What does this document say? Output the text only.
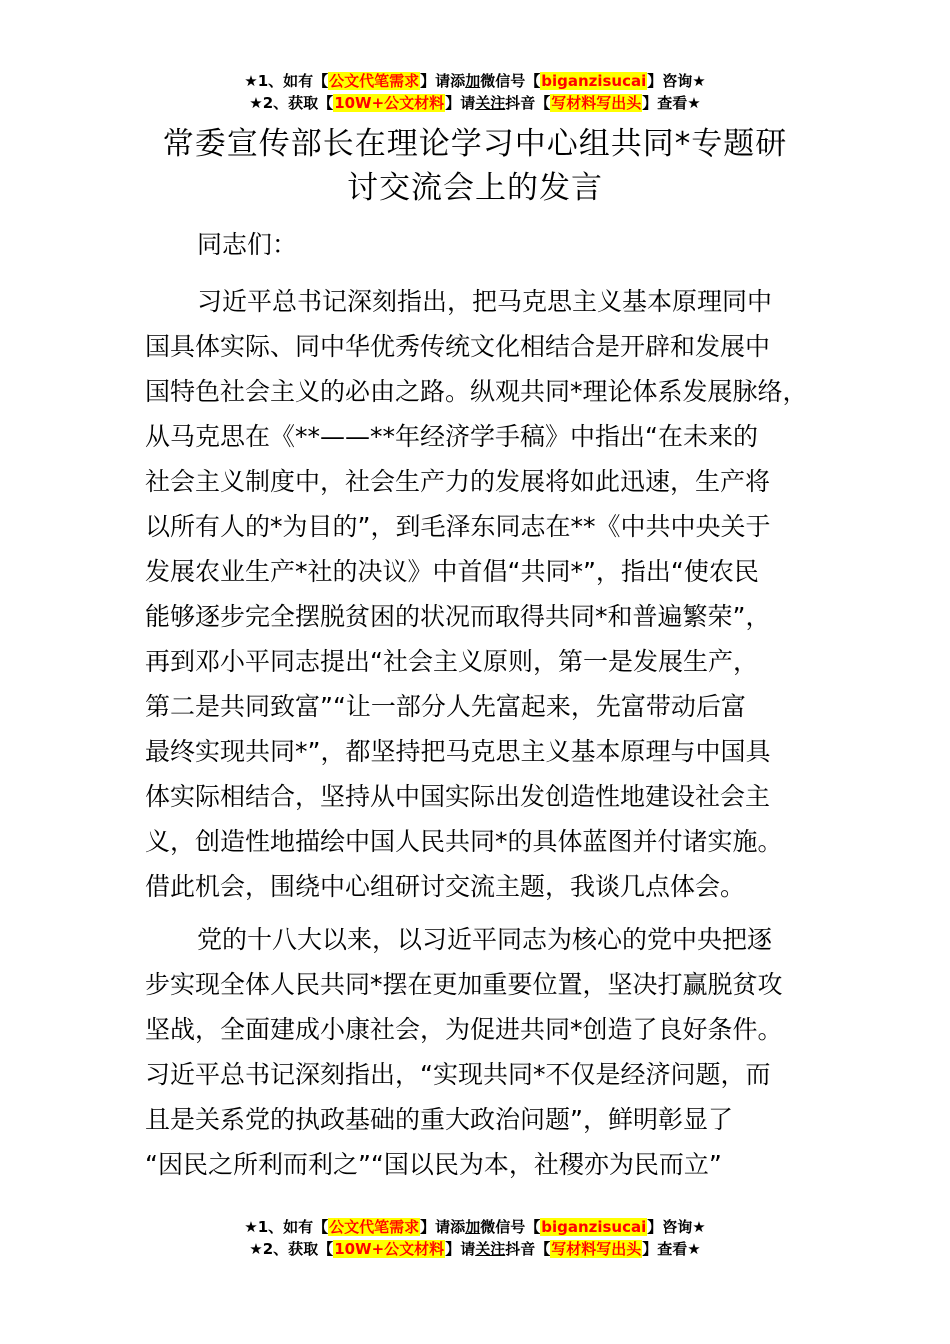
★1、如有【公文代笔需求】请添加微信号【biganzisucai】咨询★
★2、获取【10W+公文材料】请关注抖音【写材料写出头】查看★
常委宣传部长在理论学习中心组共同*专题研
讨交流会上的发言
同志们：
习近平总书记深刻指出，把马克思主义基本原理同中
国具体实际、同中华优秀传统文化相结合是开辟和发展中
国特色社会主义的必由之路。纵观共同*理论体系发展脉络，
从马克思在《**——**年经济学手稿》中指出“在未来的
社会主义制度中，社会生产力的发展将如此迅速，生产将
以所有人的*为目的”，到毛泽东同志在**《中共中央关于
发展农业生产*社的决议》中首倡“共同*”，指出“使农民
能够逐步完全摆脱贫困的状况而取得共同*和普遍繁荣”，
再到邓小平同志提出“社会主义原则，第一是发展生产，
第二是共同致富”“让一部分人先富起来，先富带动后富
最终实现共同*”，都坚持把马克思主义基本原理与中国具
体实际相结合，坚持从中国实际出发创造性地建设社会主
义，创造性地描绘中国人民共同*的具体蓝图并付诸实施。
借此机会，围绕中心组研讨交流主题，我谈几点体会。
党的十八大以来，以习近平同志为核心的党中央把逐
步实现全体人民共同*摆在更加重要位置，坚决打赢脱贫攻
坚战，全面建成小康社会，为促进共同*创造了良好条件。
习近平总书记深刻指出，“实现共同*不仅是经济问题，而
且是关系党的执政基础的重大政治问题”，鲜明彰显了
“因民之所利而利之”“国以民为本，社稷亦为民而立”
★1、如有【公文代笔需求】请添加微信号【biganzisucai】咨询★
★2、获取【10W+公文材料】请关注抖音【写材料写出头】查看★
